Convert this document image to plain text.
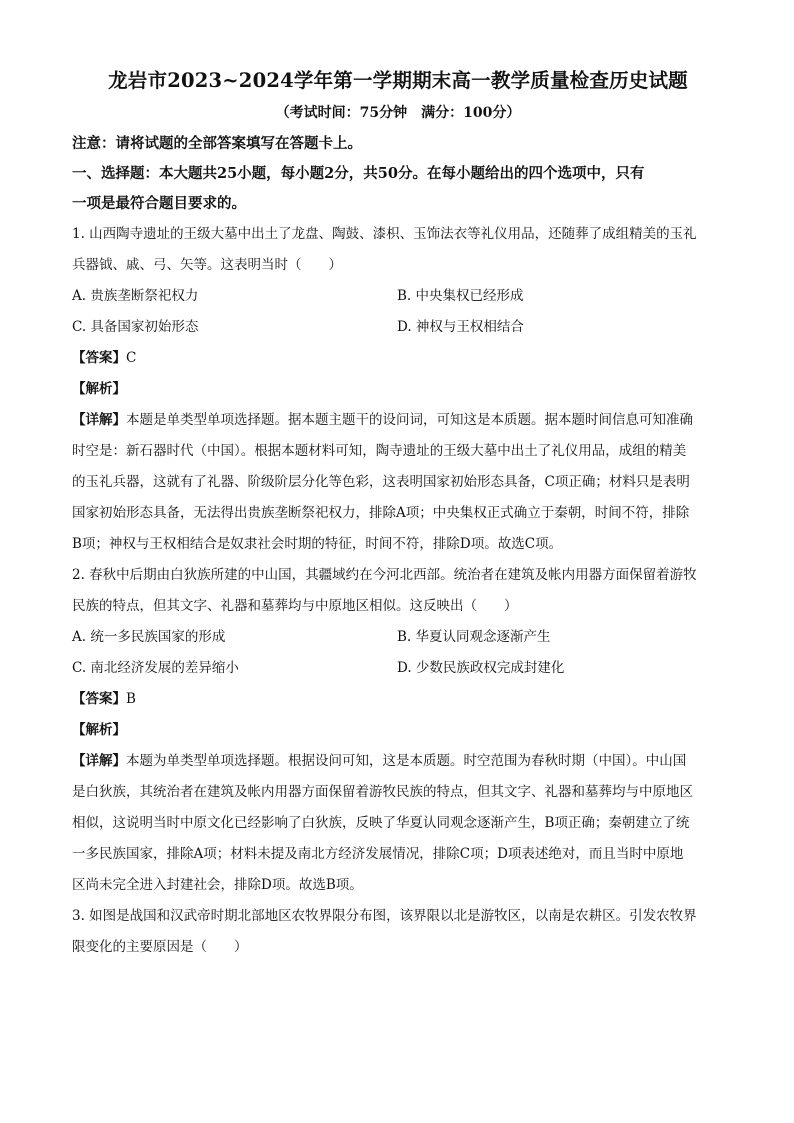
龙岩市2023~2024学年第一学期期末高一教学质量检查历史试题
（考试时间：75分钟　满分：100分）
注意：请将试题的全部答案填写在答题卡上。
一、选择题：本大题共25小题，每小题2分，共50分。在每小题给出的四个选项中，只有
一项是最符合题目要求的。
1. 山西陶寺遗址的王级大墓中出土了龙盘、陶鼓、漆枳、玉饰法衣等礼仪用品，还随葬了成组精美的玉礼
兵器钺、戚、弓、矢等。这表明当时（　　）
A. 贵族垄断祭祀权力	B. 中央集权已经形成
C. 具备国家初始形态	D. 神权与王权相结合
【答案】C
【解析】
【详解】本题是单类型单项选择题。据本题主题干的设问词，可知这是本质题。据本题时间信息可知准确
时空是：新石器时代（中国）。根据本题材料可知，陶寺遗址的王级大墓中出土了礼仪用品，成组的精美
的玉礼兵器，这就有了礼器、阶级阶层分化等色彩，这表明国家初始形态具备，C项正确；材料只是表明
国家初始形态具备，无法得出贵族垄断祭祀权力，排除A项；中央集权正式确立于秦朝，时间不符，排除
B项；神权与王权相结合是奴隶社会时期的特征，时间不符，排除D项。故选C项。
2. 春秋中后期由白狄族所建的中山国，其疆域约在今河北西部。统治者在建筑及帐内用器方面保留着游牧
民族的特点，但其文字、礼器和墓葬均与中原地区相似。这反映出（　　）
A. 统一多民族国家的形成	B. 华夏认同观念逐渐产生
C. 南北经济发展的差异缩小	D. 少数民族政权完成封建化
【答案】B
【解析】
【详解】本题为单类型单项选择题。根据设问可知，这是本质题。时空范围为春秋时期（中国）。中山国
是白狄族，其统治者在建筑及帐内用器方面保留着游牧民族的特点，但其文字、礼器和墓葬均与中原地区
相似，这说明当时中原文化已经影响了白狄族，反映了华夏认同观念逐渐产生，B项正确；秦朝建立了统
一多民族国家，排除A项；材料未提及南北方经济发展情况，排除C项；D项表述绝对，而且当时中原地
区尚未完全进入封建社会，排除D项。故选B项。
3. 如图是战国和汉武帝时期北部地区农牧界限分布图，该界限以北是游牧区，以南是农耕区。引发农牧界
限变化的主要原因是（　　）
